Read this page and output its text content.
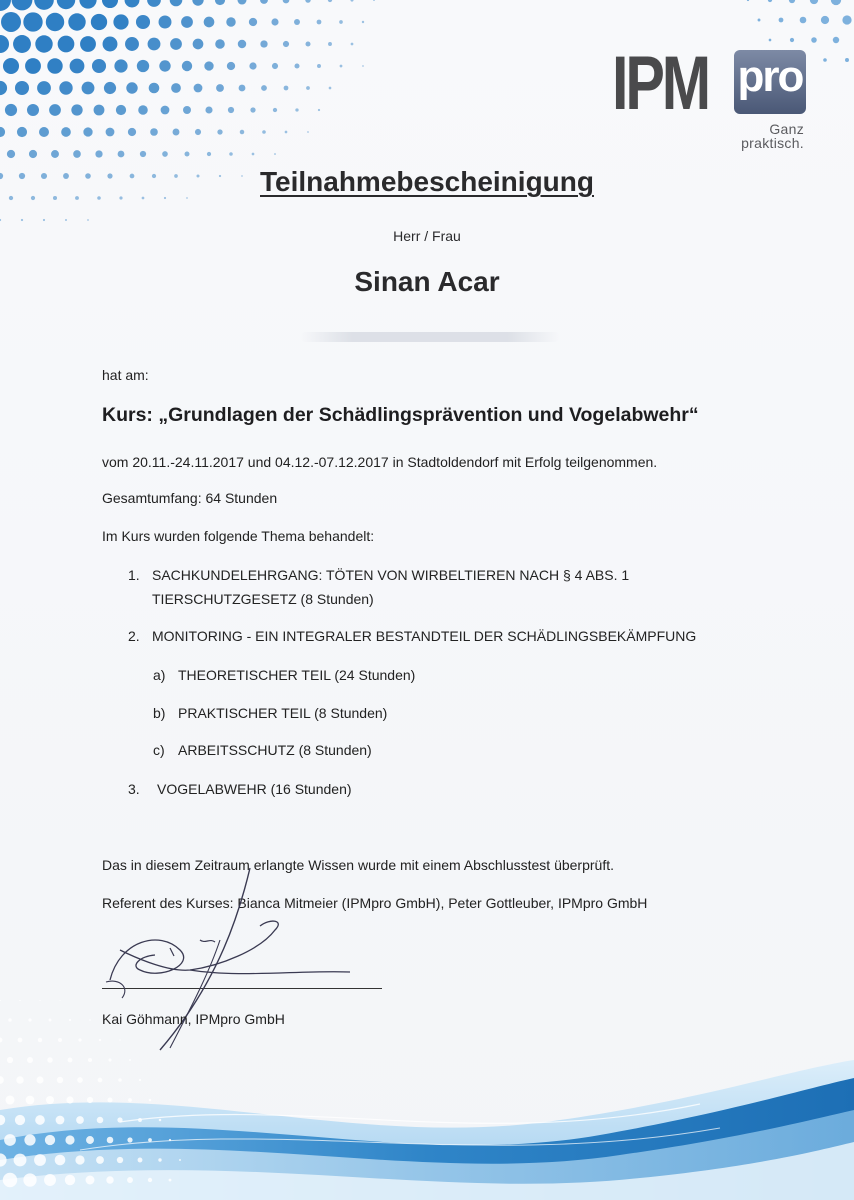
IPM pro
Ganz
praktisch.
Teilnahmebescheinigung
Herr / Frau
Sinan Acar
hat am:
Kurs: „Grundlagen der Schädlingsprävention und Vogelabwehr“
vom 20.11.-24.11.2017 und 04.12.-07.12.2017 in Stadtoldendorf mit Erfolg teilgenommen.
Gesamtumfang: 64 Stunden
Im Kurs wurden folgende Thema behandelt:
1. SACHKUNDELEHRGANG: TÖTEN VON WIRBELTIEREN NACH § 4 ABS. 1
TIERSCHUTZGESETZ (8 Stunden)
2. MONITORING - EIN INTEGRALER BESTANDTEIL DER SCHÄDLINGSBEKÄMPFUNG
a) THEORETISCHER TEIL (24 Stunden)
b) PRAKTISCHER TEIL (8 Stunden)
c) ARBEITSSCHUTZ (8 Stunden)
3. VOGELABWEHR (16 Stunden)
Das in diesem Zeitraum erlangte Wissen wurde mit einem Abschlusstest überprüft.
Referent des Kurses: Bianca Mitmeier (IPMpro GmbH), Peter Gottleuber, IPMpro GmbH
Kai Göhmann, IPMpro GmbH
